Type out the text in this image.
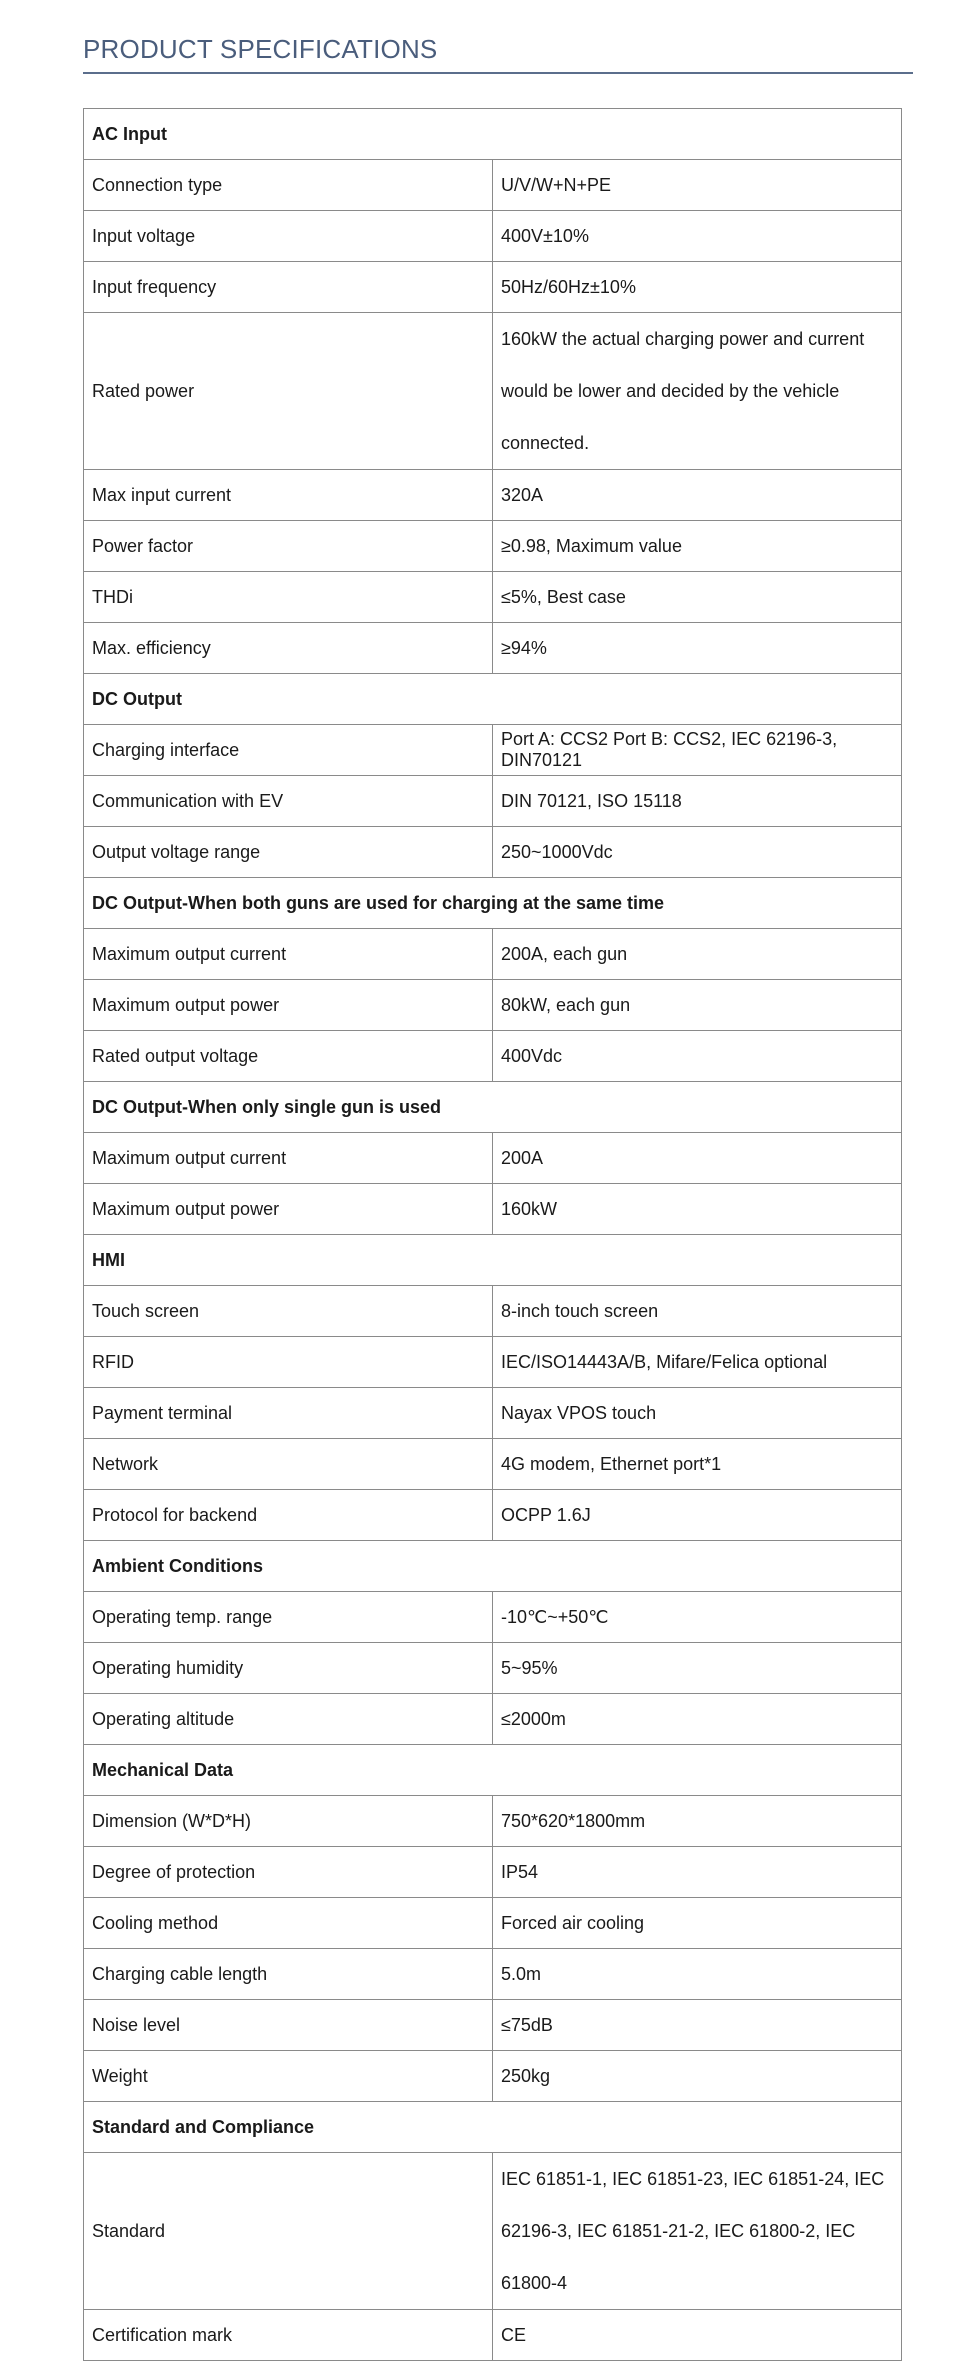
PRODUCT SPECIFICATIONS
AC Input	
Connection type	U/V/W+N+PE
Input voltage	400V±10%
Input frequency	50Hz/60Hz±10%
Rated power	160kW the actual charging power and current would be lower and decided by the vehicle connected.
Max input current	320A
Power factor	≥0.98, Maximum value
THDi	≤5%, Best case
Max. efficiency	≥94%
DC Output	
Charging interface	Port A: CCS2 Port B: CCS2, IEC 62196-3, DIN70121
Communication with EV	DIN 70121, ISO 15118
Output voltage range	250~1000Vdc
DC Output-When both guns are used for charging at the same time	
Maximum output current	200A, each gun
Maximum output power	80kW, each gun
Rated output voltage	400Vdc
DC Output-When only single gun is used	
Maximum output current	200A
Maximum output power	160kW
HMI	
Touch screen	8-inch touch screen
RFID	IEC/ISO14443A/B, Mifare/Felica optional
Payment terminal	Nayax VPOS touch
Network	4G modem, Ethernet port*1
Protocol for backend	OCPP 1.6J
Ambient Conditions	
Operating temp. range	-10℃~+50℃
Operating humidity	5~95%
Operating altitude	≤2000m
Mechanical Data	
Dimension (W*D*H)	750*620*1800mm
Degree of protection	IP54
Cooling method	Forced air cooling
Charging cable length	5.0m
Noise level	≤75dB
Weight	250kg
Standard and Compliance	
Standard	IEC 61851-1, IEC 61851-23, IEC 61851-24, IEC 62196-3, IEC 61851-21-2, IEC 61800-2, IEC 61800-4
Certification mark	CE
